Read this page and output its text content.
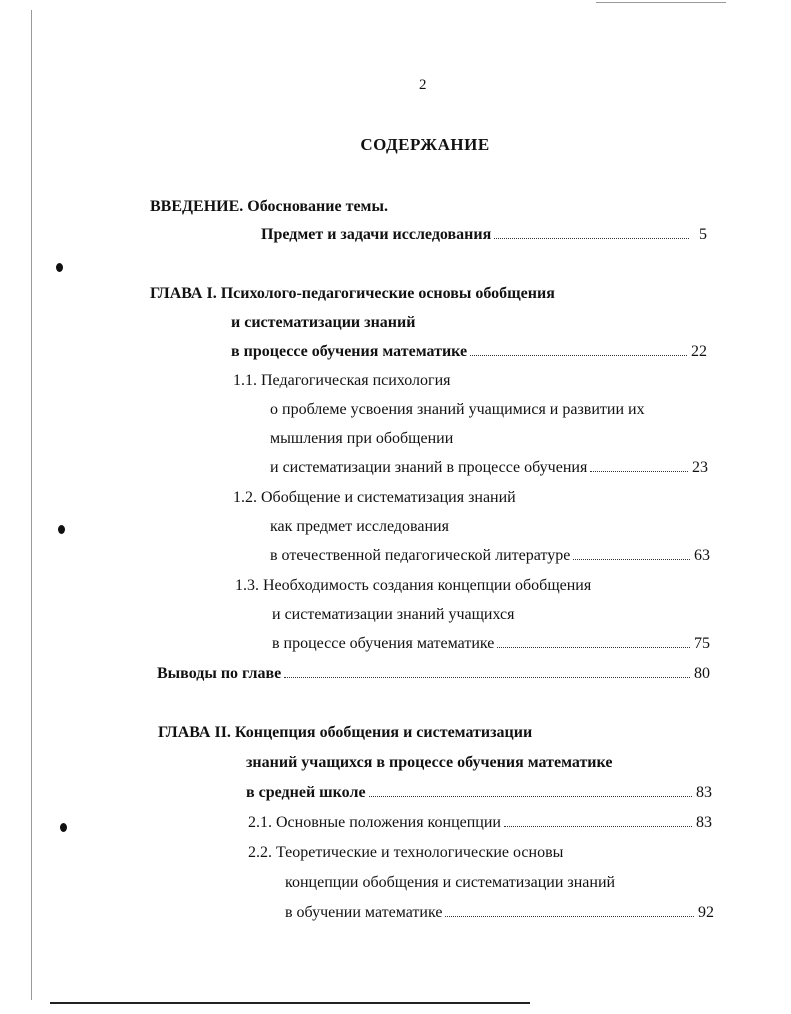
2
СОДЕРЖАНИЕ
ВВЕДЕНИЕ. Обоснование темы.
Предмет и задачи исследования	5
ГЛАВА I. Психолого-педагогические основы обобщения
и систематизации знаний
в процессе обучения математике	22
1.1. Педагогическая психология
о проблеме усвоения знаний учащимися и развитии их
мышления при обобщении
и систематизации знаний в процессе обучения	23
1.2. Обобщение и систематизация знаний
как предмет исследования
в отечественной педагогической литературе	63
1.3. Необходимость создания концепции обобщения
и систематизации знаний учащихся
в процессе обучения математике	75
Выводы по главе	80
ГЛАВА II. Концепция обобщения и систематизации
знаний учащихся в процессе обучения математике
в средней школе	83
2.1. Основные положения концепции	83
2.2. Теоретические и технологические основы
концепции обобщения и систематизации знаний
в обучении математике	92
